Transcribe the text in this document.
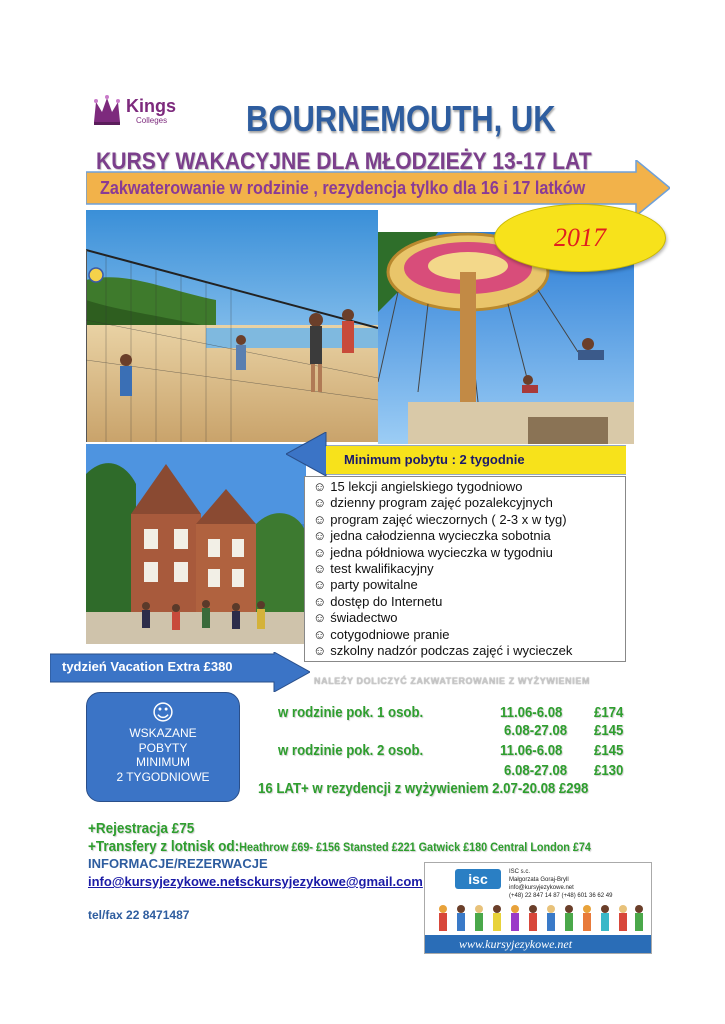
Kings
Colleges BOURNEMOUTH, UK
KURSY WAKACYJNE DLA MŁODZIEŻY 13-17 LAT
Zakwaterowanie w rodzinie , rezydencja tylko dla 16 i 17 latków
2017
Minimum pobytu : 2 tygodnie
☺ 15 lekcji angielskiego tygodniowo
☺ dzienny program zajęć pozalekcyjnych
☺ program zajęć wieczornych ( 2-3 x w tyg)
☺ jedna całodzienna wycieczka sobotnia
☺ jedna półdniowa wycieczka w tygodniu
☺ test kwalifikacyjny
☺ party powitalne
☺ dostęp do Internetu
☺ świadectwo
☺ cotygodniowe pranie
☺ szkolny nadzór podczas zajęć i wycieczek
tydzień Vacation Extra £380
NALEŻY DOLICZYĆ ZAKWATEROWANIE Z WYŻYWIENIEM
☺
WSKAZANE
POBYTY
MINIMUM
2 TYGODNIOWE
w rodzinie pok. 1 osob.	11.06-6.08 £174
6.08-27.08 £145
w rodzinie pok. 2 osob.	11.06-6.08 £145
6.08-27.08 £130
16 LAT+ w rezydencji z wyżywieniem 2.07-20.08 £298
+Rejestracja £75
+Transfery z lotnisk od:Heathrow £69- £156 Stansted £221 Gatwick £180 Central London £74
INFORMACJE/REZERWACJE
info@kursyjezykowe.net
isckursyjezykowe@gmail.com
tel/fax 22 8471487
isc	ISC s.c.
Małgorzata Goraj-Bryll
info@kursyjezykowe.net
(+48) 22 847 14 87 (+48) 601 36 62 49
www.kursyjezykowe.net
